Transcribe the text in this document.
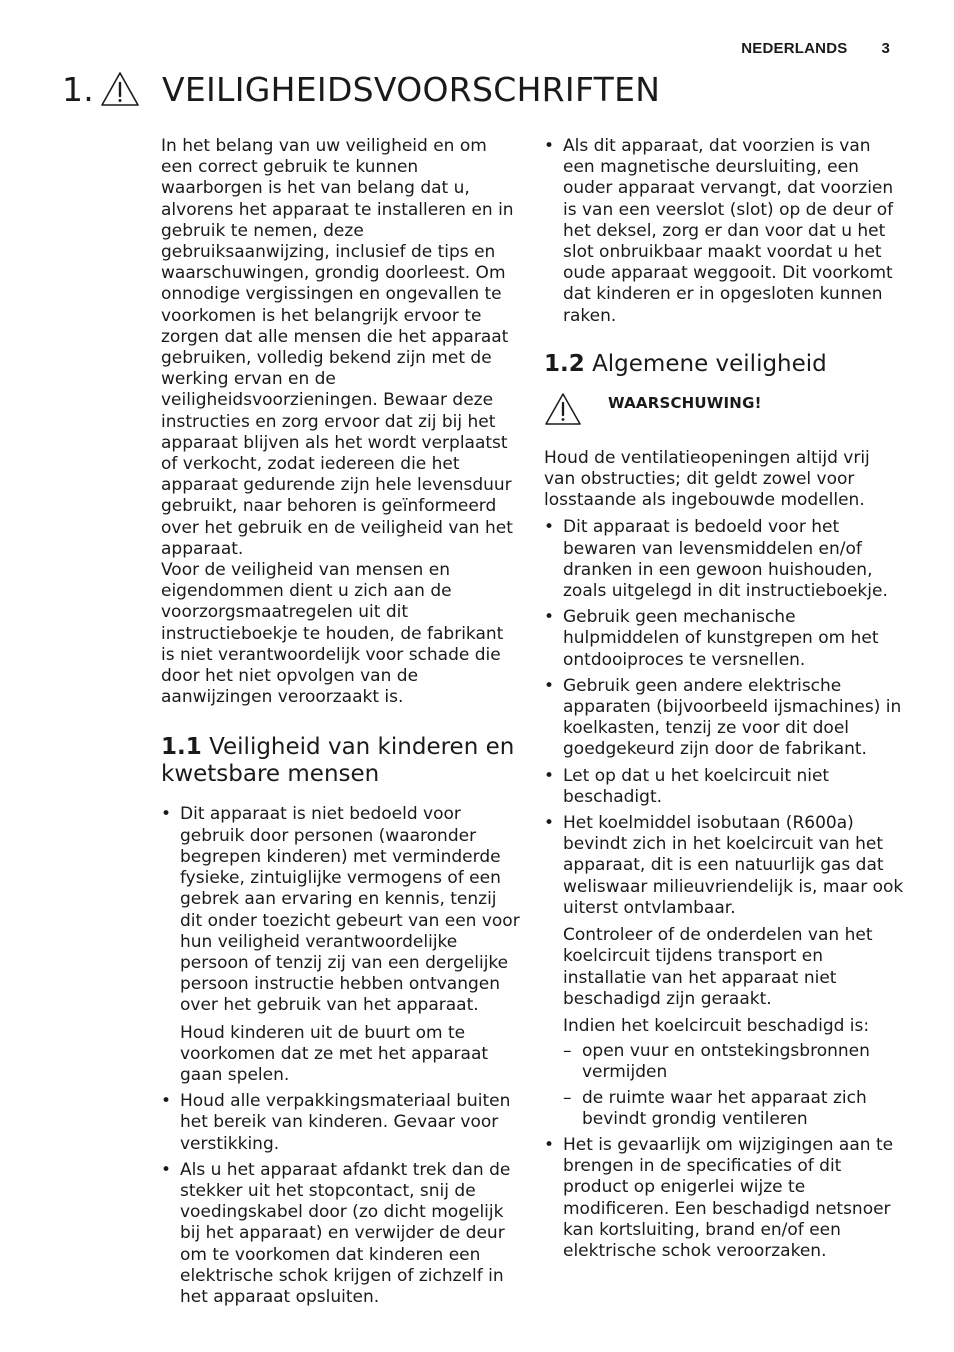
NEDERLANDS 3
1. VEILIGHEIDSVOORSCHRIFTEN

In het belang van uw veiligheid en om een correct gebruik te kunnen waarborgen is het van belang dat u, alvorens het apparaat te installeren en in gebruik te nemen, deze gebruiksaanwijzing, inclusief de tips en waarschuwingen, grondig doorleest. Om onnodige vergissingen en ongevallen te voorkomen is het belangrijk ervoor te zorgen dat alle mensen die het apparaat gebruiken, volledig bekend zijn met de werking ervan en de veiligheidsvoorzieningen. Bewaar deze instructies en zorg ervoor dat zij bij het apparaat blijven als het wordt verplaatst of verkocht, zodat iedereen die het apparaat gedurende zijn hele levensduur gebruikt, naar behoren is geïnformeerd over het gebruik en de veiligheid van het apparaat.

Voor de veiligheid van mensen en eigendommen dient u zich aan de voorzorgsmaatregelen uit dit instructieboekje te houden, de fabrikant is niet verantwoordelijk voor schade die door het niet opvolgen van de aanwijzingen veroorzaakt is.

1.1 Veiligheid van kinderen en kwetsbare mensen
• Dit apparaat is niet bedoeld voor gebruik door personen (waaronder begrepen kinderen) met verminderde fysieke, zintuiglijke vermogens of een gebrek aan ervaring en kennis, tenzij dit onder toezicht gebeurt van een voor hun veiligheid verantwoordelijke persoon of tenzij zij van een dergelijke persoon instructie hebben ontvangen over het gebruik van het apparaat.
Houd kinderen uit de buurt om te voorkomen dat ze met het apparaat gaan spelen.
• Houd alle verpakkingsmateriaal buiten het bereik van kinderen. Gevaar voor verstikking.
• Als u het apparaat afdankt trek dan de stekker uit het stopcontact, snij de voedingskabel door (zo dicht mogelijk bij het apparaat) en verwijder de deur om te voorkomen dat kinderen een elektrische schok krijgen of zichzelf in het apparaat opsluiten.
• Als dit apparaat, dat voorzien is van een magnetische deursluiting, een ouder apparaat vervangt, dat voorzien is van een veerslot (slot) op de deur of het deksel, zorg er dan voor dat u het slot onbruikbaar maakt voordat u het oude apparaat weggooit. Dit voorkomt dat kinderen er in opgesloten kunnen raken.
1.2 Algemene veiligheid
WAARSCHUWING!

Houd de ventilatieopeningen altijd vrij van obstructies; dit geldt zowel voor losstaande als ingebouwde modellen.

• Dit apparaat is bedoeld voor het bewaren van levensmiddelen en/of dranken in een gewoon huishouden, zoals uitgelegd in dit instructieboekje.
• Gebruik geen mechanische hulpmiddelen of kunstgrepen om het ontdooiproces te versnellen.
• Gebruik geen andere elektrische apparaten (bijvoorbeeld ijsmachines) in koelkasten, tenzij ze voor dit doel goedgekeurd zijn door de fabrikant.
• Let op dat u het koelcircuit niet beschadigt.
• Het koelmiddel isobutaan (R600a) bevindt zich in het koelcircuit van het apparaat, dit is een natuurlijk gas dat weliswaar milieuvriendelijk is, maar ook uiterst ontvlambaar.
Controleer of de onderdelen van het koelcircuit tijdens transport en installatie van het apparaat niet beschadigd zijn geraakt.
Indien het koelcircuit beschadigd is:
– open vuur en ontstekingsbronnen vermijden
– de ruimte waar het apparaat zich bevindt grondig ventileren
• Het is gevaarlijk om wijzigingen aan te brengen in de specificaties of dit product op enigerlei wijze te modificeren. Een beschadigd netsnoer kan kortsluiting, brand en/of een elektrische schok veroorzaken.
